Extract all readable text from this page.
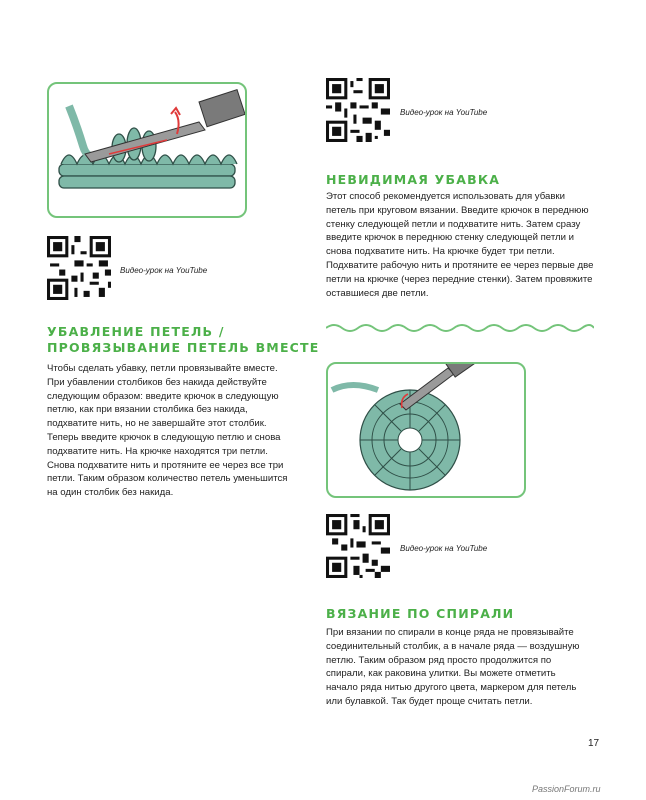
Видео-урок на YouTube
Видео-урок на YouTube
Видео-урок на YouTube
НЕВИДИМАЯ УБАВКА

Этот способ рекомендуется использовать для убавки петель при круговом вязании. Введите крючок в переднюю стенку следующей петли и подхватите нить. Затем сразу введите крючок в переднюю стенку следующей петли и снова подхватите нить. На крючке будет три петли. Подхватите рабочую нить и протяните ее через первые две петли на крючке (через передние стенки). Затем провяжите оставшиеся две петли.

УБАВЛЕНИЕ ПЕТЕЛЬ /
ПРОВЯЗЫВАНИЕ ПЕТЕЛЬ ВМЕСТЕ

Чтобы сделать убавку, петли провязывайте вместе. При убавлении столбиков без накида действуйте следующим образом: введите крючок в следующую петлю, как при вязании столбика без накида, подхватите нить, но не завершайте этот столбик. Теперь введите крючок в следующую петлю и снова подхватите нить. На крючке находятся три петли. Снова подхватите нить и протяните ее через все три петли. Таким образом количество петель уменьшится на один столбик без накида.

ВЯЗАНИЕ ПО СПИРАЛИ

При вязании по спирали в конце ряда не провязывайте соединительный столбик, а в начале ряда — воздушную петлю. Таким образом ряд просто продолжится по спирали, как раковина улитки. Вы можете отметить начало ряда нитью другого цвета, маркером для петель или булавкой. Так будет проще считать петли.

17
PassionForum.ru
